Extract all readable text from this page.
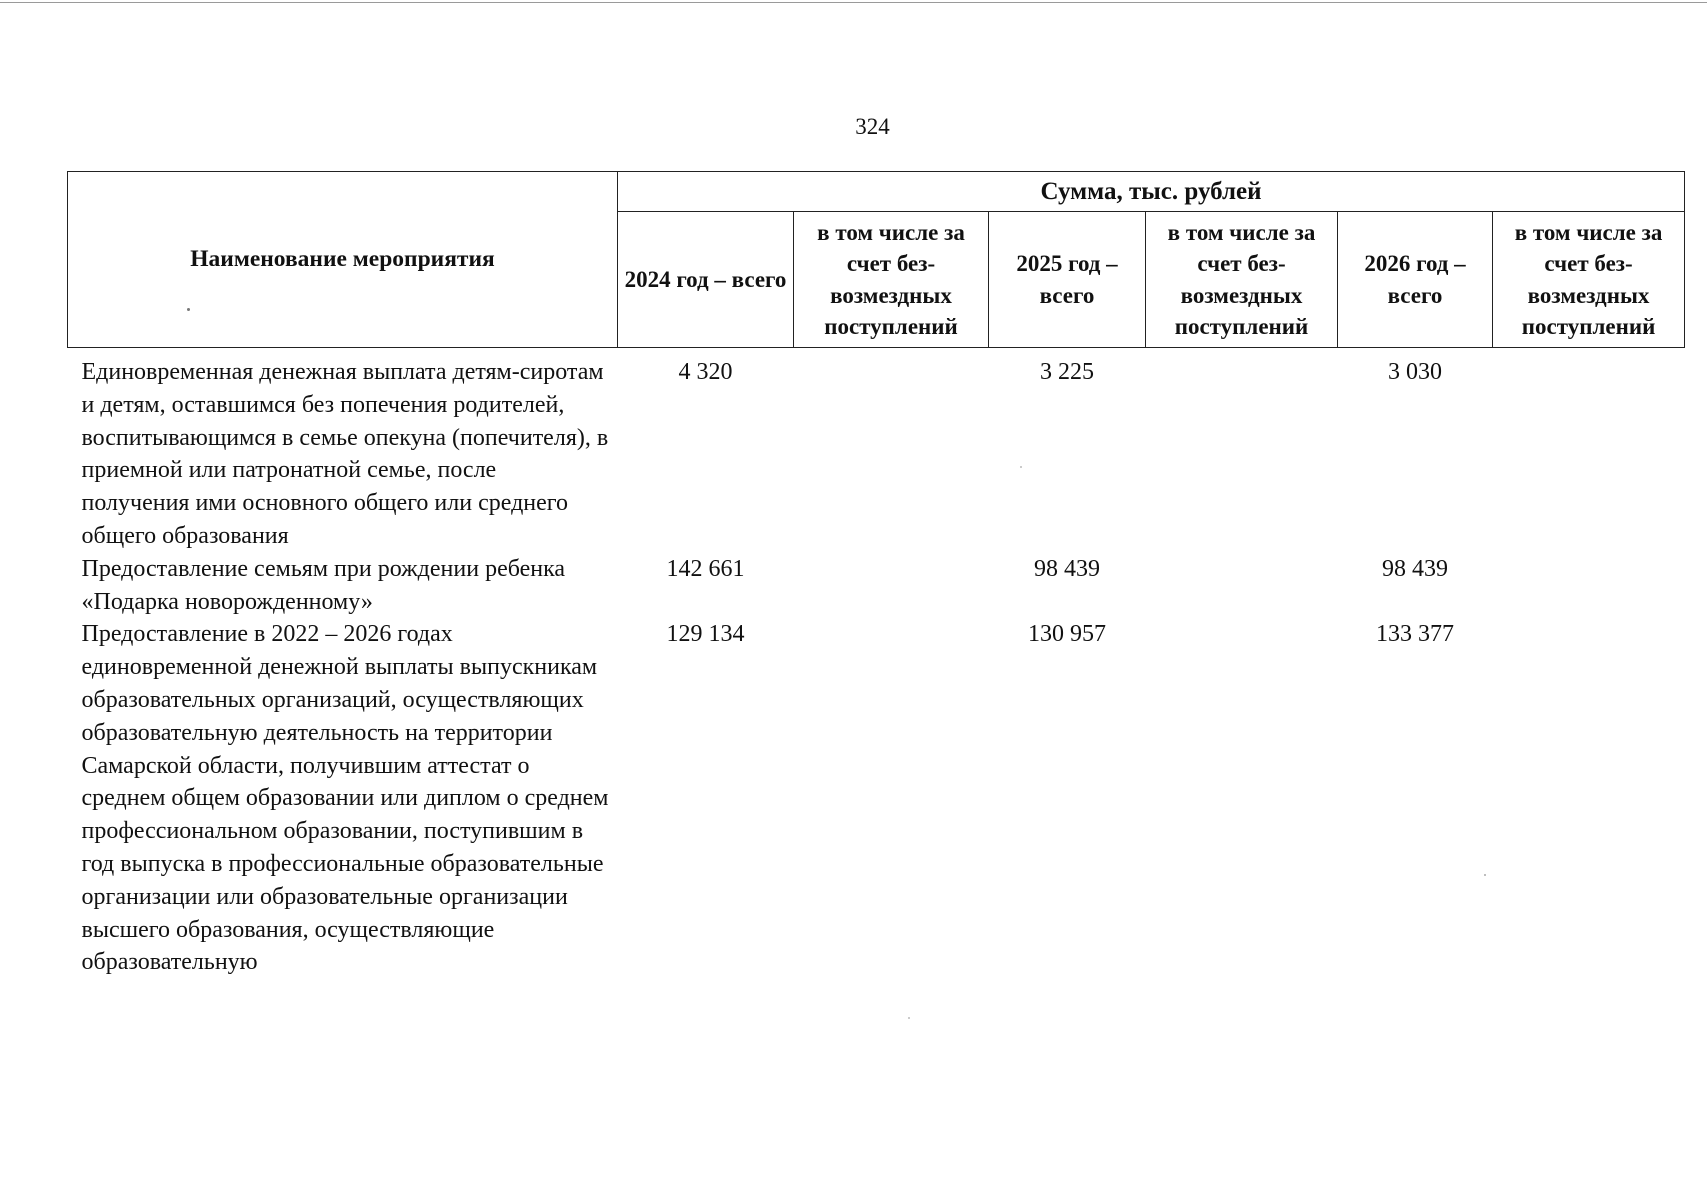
324
Наименование мероприятия	Сумма, тыс. рублей					
	2024 год – всего	в том числе за счет без-возмездных поступлений	2025 год – всего	в том числе за счет без-возмездных поступлений	2026 год – всего	в том числе за счет без-возмездных поступлений
Единовременная денежная выплата детям-сиротам и детям, оставшимся без попечения родителей, воспитывающимся в семье опекуна (попечителя), в приемной или патронатной семье, после получения ими основного общего или среднего общего образования	4 320		3 225		3 030	
Предоставление семьям при рождении ребенка «Подарка новорожденному»	142 661		98 439		98 439	
Предоставление в 2022 – 2026 годах единовременной денежной выплаты выпускникам образовательных организаций, осуществляющих образовательную деятельность на территории Самарской области, получившим аттестат о среднем общем образовании или диплом о среднем профессиональном образовании, поступившим в год выпуска в профессиональные образовательные организации или образовательные организации высшего образования, осуществляющие образовательную	129 134		130 957		133 377	
